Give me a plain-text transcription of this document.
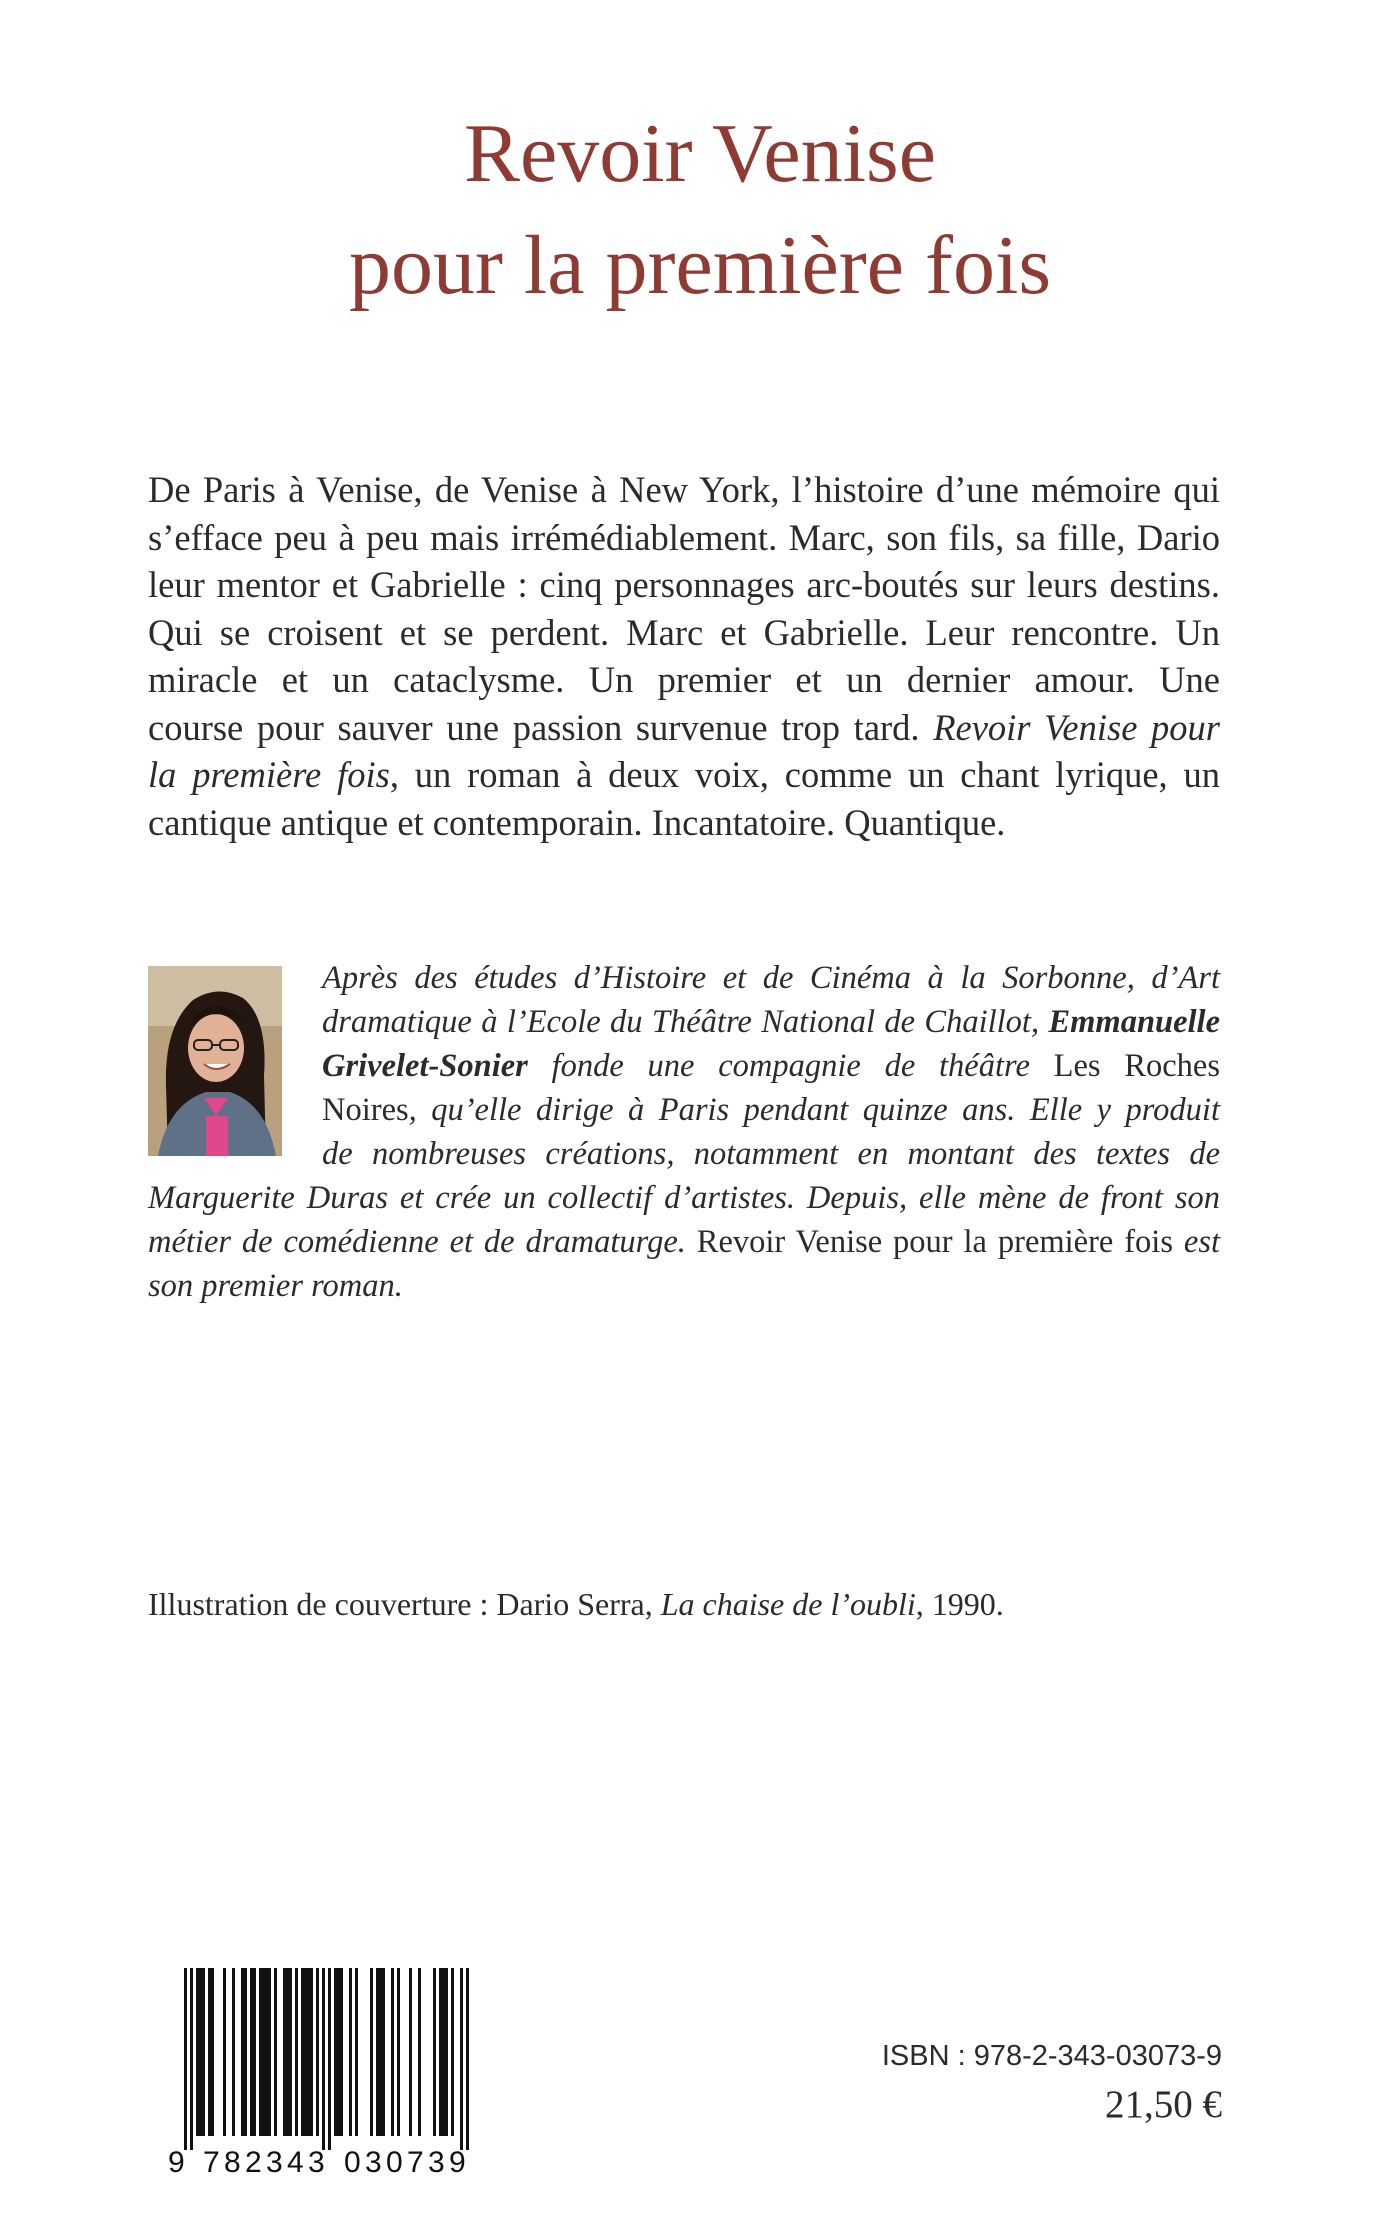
Revoir Venise
pour la première fois

De Paris à Venise, de Venise à New York, l’histoire d’une mémoire qui
s’efface peu à peu mais irrémédiablement. Marc, son fils, sa fille, Dario
leur mentor et Gabrielle : cinq personnages arc-boutés sur leurs destins.
Qui se croisent et se perdent. Marc et Gabrielle. Leur rencontre. Un
miracle et un cataclysme. Un premier et un dernier amour. Une
course pour sauver une passion survenue trop tard. Revoir Venise pour
la première fois, un roman à deux voix, comme un chant lyrique, un
cantique antique et contemporain. Incantatoire. Quantique.

Après des études d’Histoire et de Cinéma à la Sorbonne, d’Art
dramatique à l’Ecole du Théâtre National de Chaillot, Emmanuelle
Grivelet-Sonier fonde une compagnie de théâtre Les Roches
Noires, qu’elle dirige à Paris pendant quinze ans. Elle y produit
de nombreuses créations, notamment en montant des textes de
Marguerite Duras et crée un collectif d’artistes. Depuis, elle mène de front son
métier de comédienne et de dramaturge. Revoir Venise pour la première fois est
son premier roman.
Illustration de couverture : Dario Serra, La chaise de l’oubli, 1990.
9 7 8 2 3 4 3 0 3 0 7 3 9
ISBN : 978-2-343-03073-9
21,50 €
